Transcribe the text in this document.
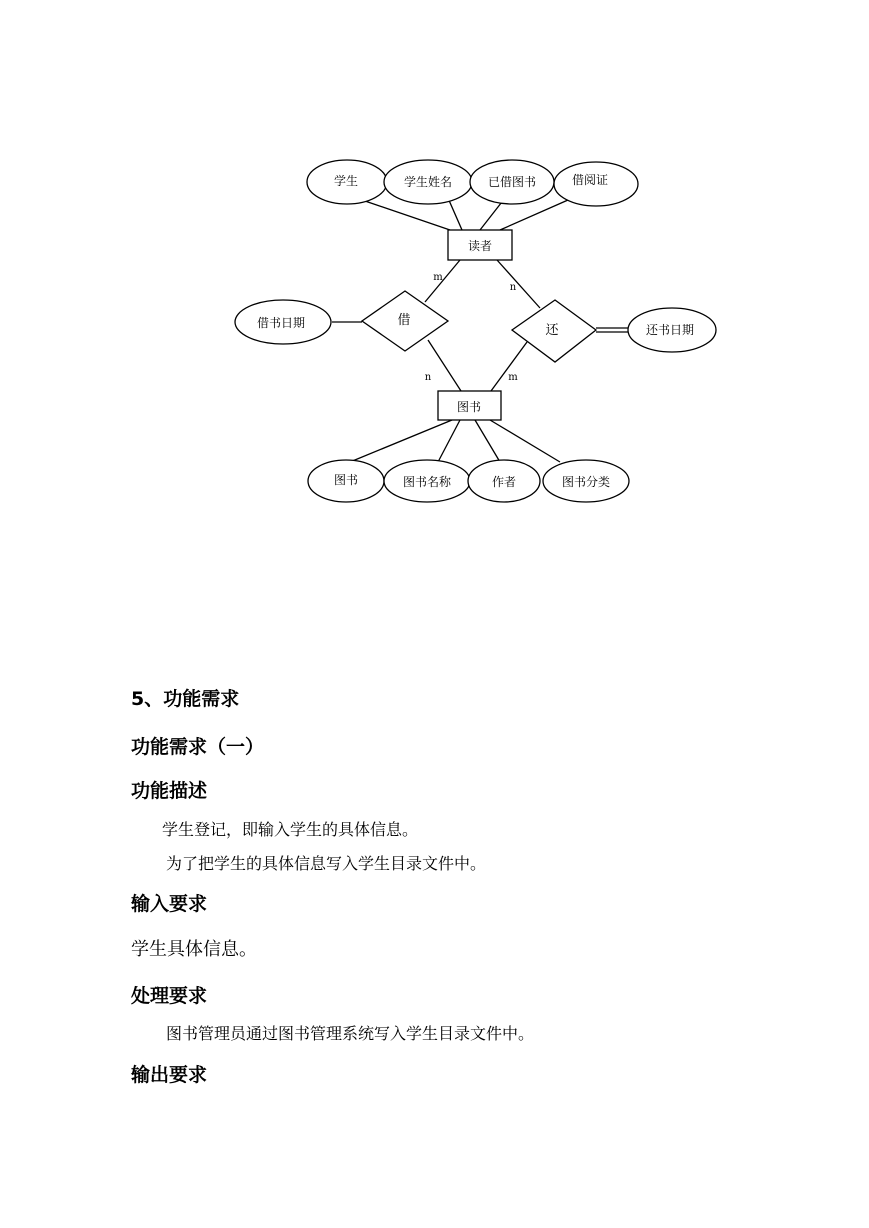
学生	学生姓名	已借图书	借阅证
读者
图书
借
还
借书日期	还书日期
图书	图书名称	作者	图书分类
m
n
n	m
5、功能需求
功能需求（一）
功能描述

学生登记，即输入学生的具体信息。

为了把学生的具体信息写入学生目录文件中。

输入要求

学生具体信息。

处理要求

图书管理员通过图书管理系统写入学生目录文件中。

输出要求
